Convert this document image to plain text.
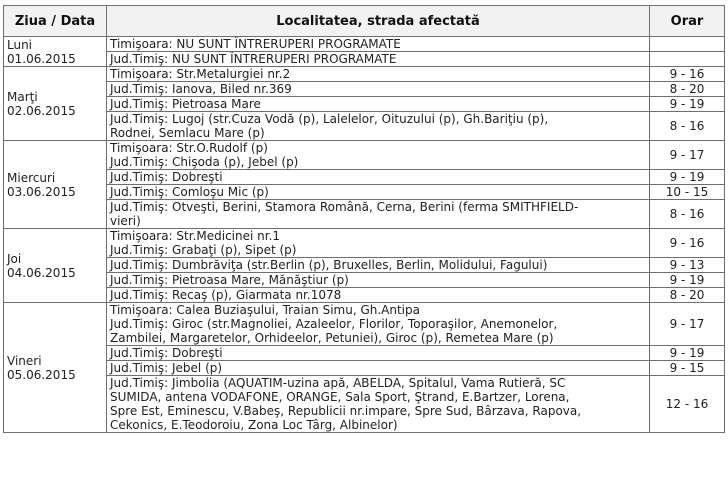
Ziua / Data	Localitatea, strada afectată	Orar

Luni
01.06.2015	Timişoara: NU SUNT ÎNTRERUPERI PROGRAMATE	

	Jud.Timiş: NU SUNT ÎNTRERUPERI PROGRAMATE	

Marţi
02.06.2015	Timişoara: Str.Metalurgiei nr.2	9 - 16

	Jud.Timiş: Ianova, Biled nr.369	8 - 20

	Jud.Timiş: Pietroasa Mare	9 - 19

	Jud.Timiş: Lugoj (str.Cuza Vodă (p), Lalelelor, Oituzului (p), Gh.Bariţiu (p),
Rodnei, Semlacu Mare (p)	8 - 16

Miercuri
03.06.2015	Timişoara: Str.O.Rudolf (p)
Jud.Timiş: Chişoda (p), Jebel (p)	9 - 17

	Jud.Timiş: Dobreşti	9 - 19

	Jud.Timiş: Comloşu Mic (p)	10 - 15

	Jud.Timiş: Otveşti, Berini, Stamora Română, Cerna, Berini (ferma SMITHFIELD-
vieri)	8 - 16

Joi
04.06.2015	Timişoara: Str.Medicinei nr.1
Jud.Timiş: Grabaţi (p), Sipet (p)	9 - 16

	Jud.Timiş: Dumbrăviţa (str.Berlin (p), Bruxelles, Berlin, Molidului, Fagului)	9 - 13

	Jud.Timiş: Pietroasa Mare, Mănăştiur (p)	9 - 19

	Jud.Timiş: Recaş (p), Giarmata nr.1078	8 - 20

Vineri
05.06.2015	Timişoara: Calea Buziaşului, Traian Simu, Gh.Antipa
Jud.Timiş: Giroc (str.Magnoliei, Azaleelor, Florilor, Toporaşilor, Anemonelor,
Zambilei, Margaretelor, Orhideelor, Petuniei), Giroc (p), Remetea Mare (p)	9 - 17

	Jud.Timiş: Dobreşti	9 - 19

	Jud.Timiş: Jebel (p)	9 - 15

	Jud.Timiş: Jimbolia (AQUATIM-uzina apă, ABELDA, Spitalul, Vama Rutieră, SC
SUMIDA, antena VODAFONE, ORANGE, Sala Sport, Ştrand, E.Bartzer, Lorena,
Spre Est, Eminescu, V.Babeş, Republicii nr.impare, Spre Sud, Bârzava, Rapova,
Cekonics, E.Teodoroiu, Zona Loc Târg, Albinelor)	12 - 16
